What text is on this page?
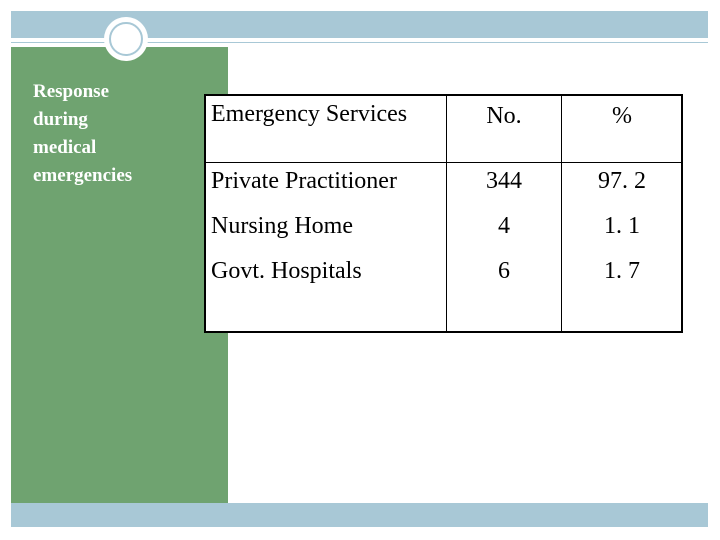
Response
during
medical
emergencies
Emergency Services	No.	%
Private Practitioner	344	97. 2
Nursing Home	4	1. 1
Govt. Hospitals	6	1. 7
